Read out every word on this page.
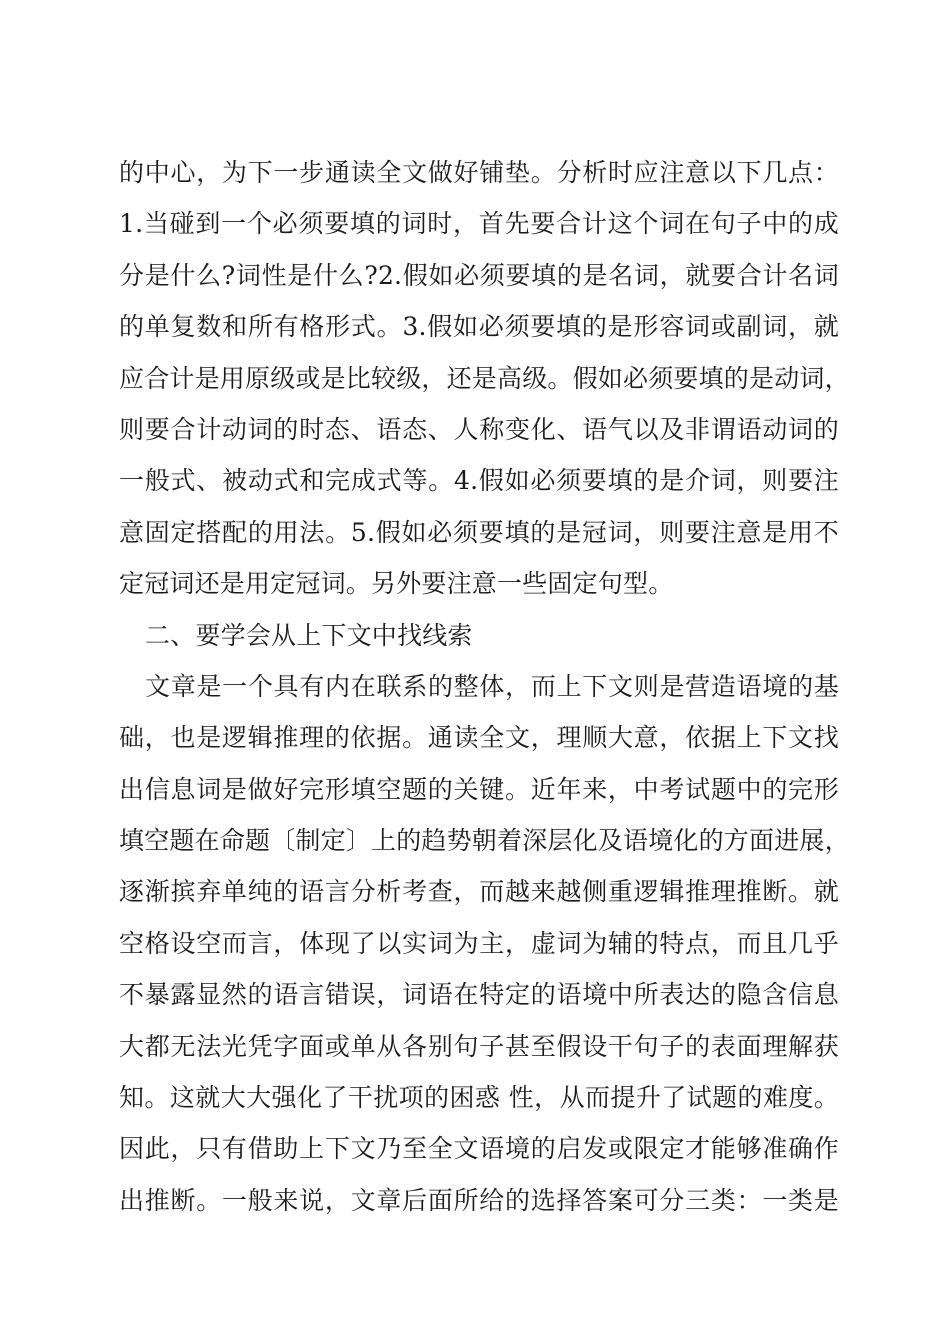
的中心，为下一步通读全文做好铺垫。分析时应注意以下几点：
1.当碰到一个必须要填的词时，首先要合计这个词在句子中的成
分是什么?词性是什么?2.假如必须要填的是名词，就要合计名词
的单复数和所有格形式。3.假如必须要填的是形容词或副词，就
应合计是用原级或是比较级，还是高级。假如必须要填的是动词，
则要合计动词的时态、语态、人称变化、语气以及非谓语动词的
一般式、被动式和完成式等。4.假如必须要填的是介词，则要注
意固定搭配的用法。5.假如必须要填的是冠词，则要注意是用不
定冠词还是用定冠词。另外要注意一些固定句型。
二、要学会从上下文中找线索
文章是一个具有内在联系的整体，而上下文则是营造语境的基
础，也是逻辑推理的依据。通读全文，理顺大意，依据上下文找
出信息词是做好完形填空题的关键。近年来，中考试题中的完形
填空题在命题〔制定〕上的趋势朝着深层化及语境化的方面进展，
逐渐摈弃单纯的语言分析考查，而越来越侧重逻辑推理推断。就
空格设空而言，体现了以实词为主，虚词为辅的特点，而且几乎
不暴露显然的语言错误，词语在特定的语境中所表达的隐含信息
大都无法光凭字面或单从各别句子甚至假设干句子的表面理解获
知。这就大大强化了干扰项的困惑 性，从而提升了试题的难度。
因此，只有借助上下文乃至全文语境的启发或限定才能够准确作
出推断。一般来说，文章后面所给的选择答案可分三类：一类是
